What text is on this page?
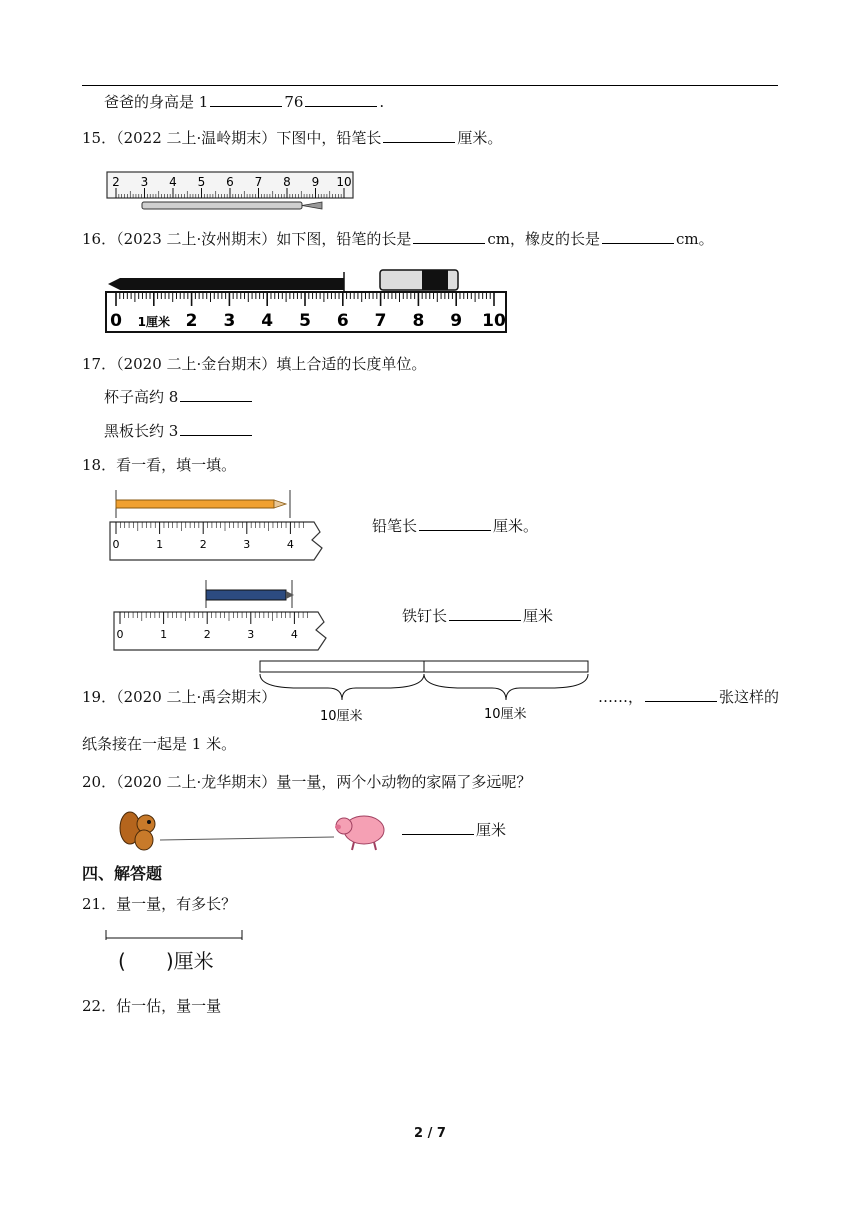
爸爸的身高是 1	76	.
15．（2022 二上·温岭期末）下图中，铅笔长	厘米。
2 3 4 5 6 7 8 9 10
16．（2023 二上·汝州期末）如下图，铅笔的长是	cm，橡皮的长是	cm。
0 1厘米 2 3 4 5 6 7 8 9 10
17．（2020 二上·金台期末）填上合适的长度单位。
杯子高约 8
黑板长约 3
18．看一看，填一填。
0	1	2	3	4
铅笔长	厘米。
0	1	2	3	4
铁钉长	厘米
19．（2020 二上·禹会期末）
10厘米	10厘米
……，	张这样的
纸条接在一起是 1 米。
20．（2020 二上·龙华期末）量一量，两个小动物的家隔了多远呢？
厘米
四、解答题
21．量一量，有多长？
( )厘米
22．估一估，量一量
2 / 7
